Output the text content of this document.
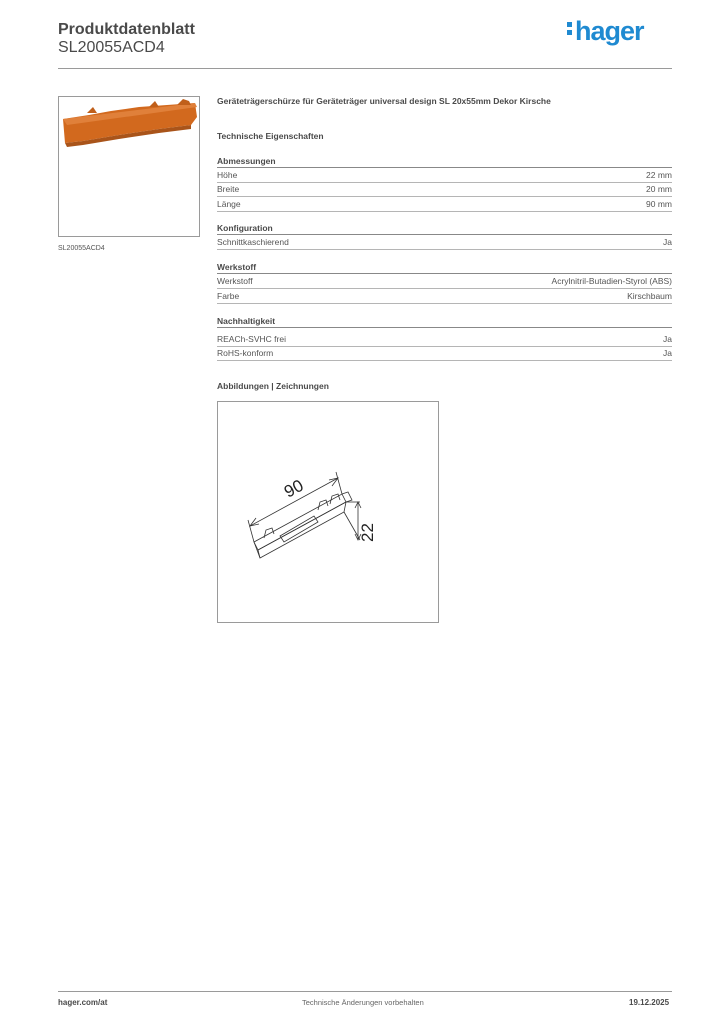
Produktdatenblatt
SL20055ACD4
hager
SL20055ACD4
Geräteträgerschürze für Geräteträger universal design SL 20x55mm Dekor Kirsche
Technische Eigenschaften
Abmessungen
Höhe	22 mm
Breite	20 mm
Länge	90 mm
Konfiguration
Schnittkaschierend	Ja
Werkstoff
Werkstoff	Acrylnitril-Butadien-Styrol (ABS)
Farbe	Kirschbaum
Nachhaltigkeit
REACh-SVHC frei	Ja
RoHS-konform	Ja
Abbildungen | Zeichnungen
90
22
hager.com/at	Technische Änderungen vorbehalten	19.12.2025
